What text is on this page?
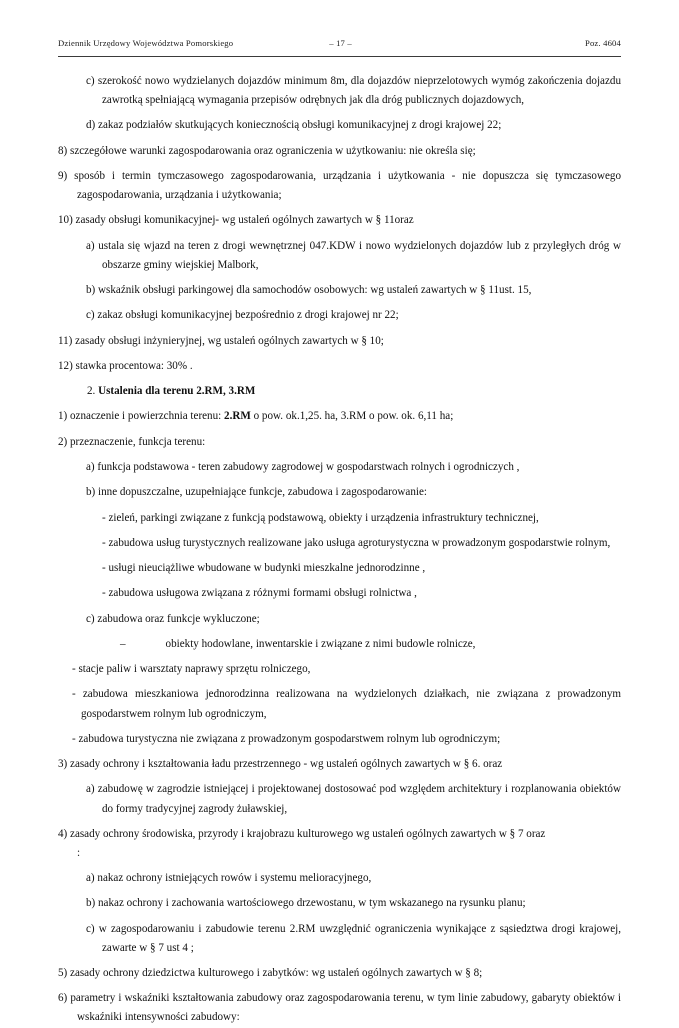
Dziennik Urzędowy Województwa Pomorskiego	– 17 –	Poz. 4604

c) szerokość nowo wydzielanych dojazdów minimum 8m, dla dojazdów nieprzelotowych wymóg zakończenia dojazdu zawrotką spełniającą wymagania przepisów odrębnych jak dla dróg publicznych dojazdowych,

d) zakaz podziałów skutkujących koniecznością obsługi komunikacyjnej z drogi krajowej 22;

8) szczegółowe warunki zagospodarowania oraz ograniczenia w użytkowaniu: nie określa się;

9) sposób i termin tymczasowego zagospodarowania, urządzania i użytkowania - nie dopuszcza się tymczasowego zagospodarowania, urządzania i użytkowania;

10) zasady obsługi komunikacyjnej- wg ustaleń ogólnych zawartych w § 11oraz

a) ustala się wjazd na teren z drogi wewnętrznej 047.KDW i nowo wydzielonych dojazdów lub z przyległych dróg w obszarze gminy wiejskiej Malbork,

b) wskaźnik obsługi parkingowej dla samochodów osobowych: wg ustaleń zawartych w § 11ust. 15,

c) zakaz obsługi komunikacyjnej bezpośrednio z drogi krajowej nr 22;

11) zasady obsługi inżynieryjnej, wg ustaleń ogólnych zawartych w § 10;

12) stawka procentowa: 30% .

2. Ustalenia dla terenu 2.RM, 3.RM

1) oznaczenie i powierzchnia terenu: 2.RM o pow. ok.1,25. ha, 3.RM o pow. ok. 6,11 ha;

2) przeznaczenie, funkcja terenu:

a) funkcja podstawowa - teren zabudowy zagrodowej w gospodarstwach rolnych i ogrodniczych ,

b) inne dopuszczalne, uzupełniające funkcje, zabudowa i zagospodarowanie:

- zieleń, parkingi związane z funkcją podstawową, obiekty i urządzenia infrastruktury technicznej,

- zabudowa usług turystycznych realizowane jako usługa agroturystyczna w prowadzonym gospodarstwie rolnym,

- usługi nieuciążliwe wbudowane w budynki mieszkalne jednorodzinne ,

- zabudowa usługowa związana z różnymi formami obsługi rolnictwa ,

c) zabudowa oraz funkcje wykluczone;

–	obiekty hodowlane, inwentarskie i związane z nimi budowle rolnicze,

- stacje paliw i warsztaty naprawy sprzętu rolniczego,

- zabudowa mieszkaniowa jednorodzinna realizowana na wydzielonych działkach, nie związana z prowadzonym gospodarstwem rolnym lub ogrodniczym,

- zabudowa turystyczna nie związana z prowadzonym gospodarstwem rolnym lub ogrodniczym;

3) zasady ochrony i kształtowania ładu przestrzennego - wg ustaleń ogólnych zawartych w § 6. oraz

a) zabudowę w zagrodzie istniejącej i projektowanej dostosować pod względem architektury i rozplanowania obiektów do formy tradycyjnej zagrody żuławskiej,

4) zasady ochrony środowiska, przyrody i krajobrazu kulturowego wg ustaleń ogólnych zawartych w § 7 oraz
:

a) nakaz ochrony istniejących rowów i systemu melioracyjnego,

b) nakaz ochrony i zachowania wartościowego drzewostanu, w tym wskazanego na rysunku planu;

c) w zagospodarowaniu i zabudowie terenu 2.RM uwzględnić ograniczenia wynikające z sąsiedztwa drogi krajowej, zawarte w § 7 ust 4 ;

5) zasady ochrony dziedzictwa kulturowego i zabytków: wg ustaleń ogólnych zawartych w § 8;

6) parametry i wskaźniki kształtowania zabudowy oraz zagospodarowania terenu, w tym linie zabudowy, gabaryty obiektów i wskaźniki intensywności zabudowy:
